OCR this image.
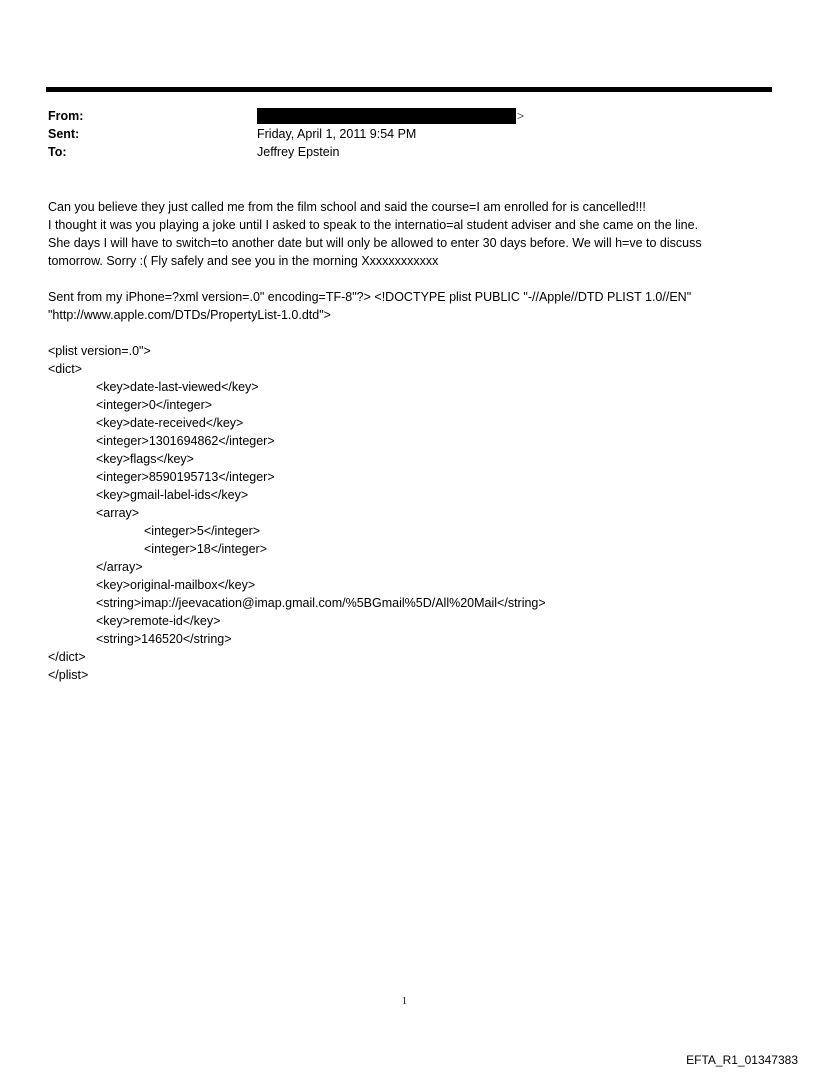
From:	>
Sent:	Friday, April 1, 2011 9:54 PM
To:	Jeffrey Epstein
Can you believe they just called me from the film school and said the course=I am enrolled for is cancelled!!!
I thought it was you playing a joke until I asked to speak to the internatio=al student adviser and she came on the line.
She days I will have to switch=to another date but will only be allowed to enter 30 days before. We will h=ve to discuss
tomorrow. Sorry :( Fly safely and see you in the morning Xxxxxxxxxxxx
Sent from my iPhone=?xml version=.0" encoding=TF-8"?> <!DOCTYPE plist PUBLIC "-//Apple//DTD PLIST 1.0//EN"
"http://www.apple.com/DTDs/PropertyList-1.0.dtd">
<plist version=.0">
<dict>
<key>date-last-viewed</key>
<integer>0</integer>
<key>date-received</key>
<integer>1301694862</integer>
<key>flags</key>
<integer>8590195713</integer>
<key>gmail-label-ids</key>
<array>
<integer>5</integer>
<integer>18</integer>
</array>
<key>original-mailbox</key>
<string>imap://jeevacation@imap.gmail.com/%5BGmail%5D/All%20Mail</string>
<key>remote-id</key>
<string>146520</string>
</dict>
</plist>
1
EFTA_R1_01347383
